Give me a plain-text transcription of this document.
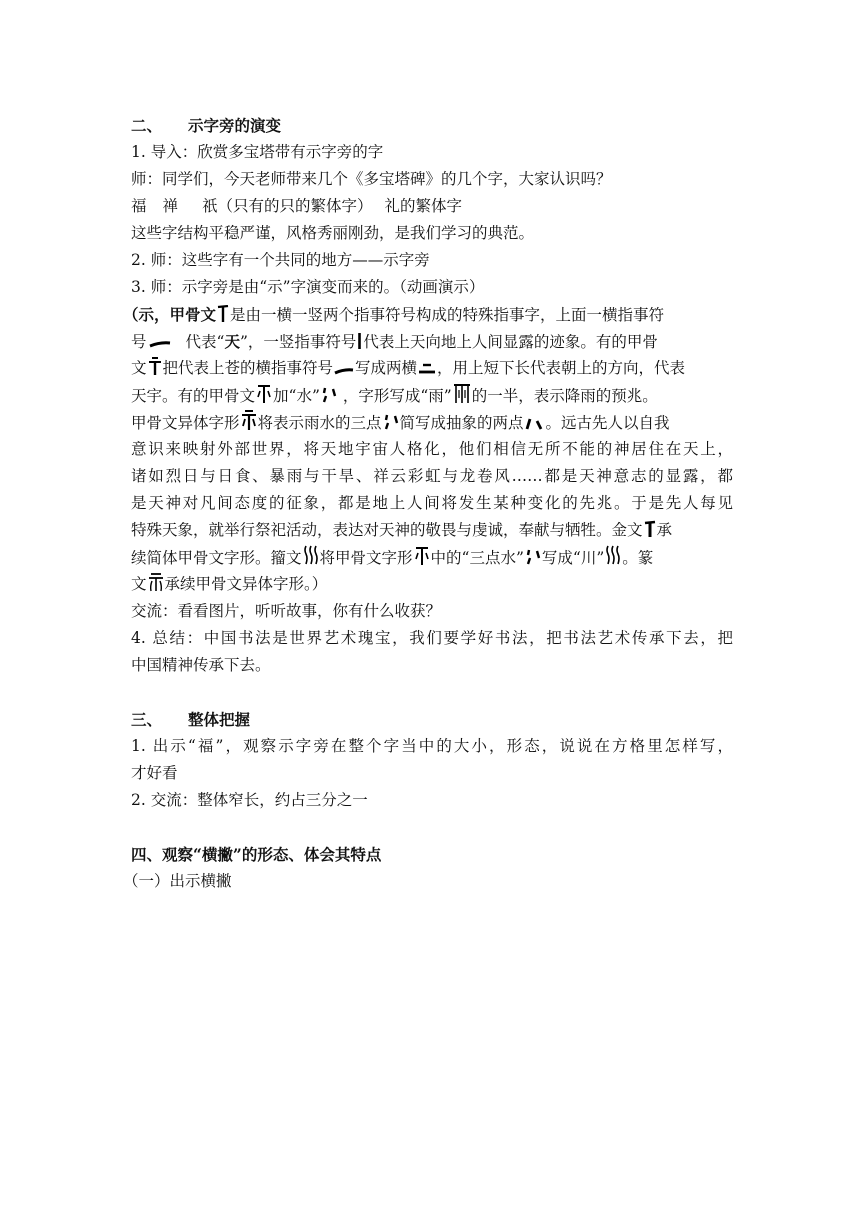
二、 示字旁的演变
1. 导入：欣赏多宝塔带有示字旁的字
师：同学们，今天老师带来几个《多宝塔碑》的几个字，大家认识吗？
福 禅 祇（只有的只的繁体字） 礼的繁体字
这些字结构平稳严谨，风格秀丽刚劲，是我们学习的典范。
2. 师：这些字有一个共同的地方——示字旁
3. 师：示字旁是由“示”字演变而来的。（动画演示）
（示，甲骨文 是由一横一竖两个指事符号构成的特殊指事字，上面一横指事符
号	代表“天”，一竖指事符号 代表上天向地上人间显露的迹象。有的甲骨
文 把代表上苍的横指事符号 写成两横 ，用上短下长代表朝上的方向，代表
天宇。有的甲骨文 加“水” ，字形写成“雨” 的一半，表示降雨的预兆。
甲骨文异体字形 将表示雨水的三点 简写成抽象的两点 。远古先人以自我
意识来映射外部世界，将天地宇宙人格化，他们相信无所不能的神居住在天上，
诸如烈日与日食、暴雨与干旱、祥云彩虹与龙卷风……都是天神意志的显露，都
是天神对凡间态度的征象，都是地上人间将发生某种变化的先兆。于是先人每见
特殊天象，就举行祭祀活动，表达对天神的敬畏与虔诚，奉献与牺牲。金文 承
续简体甲骨文字形。籀文 将甲骨文字形 中的“三点水” 写成“川” 。篆
文 承续甲骨文异体字形。）
交流：看看图片，听听故事，你有什么收获？
4. 总结：中国书法是世界艺术瑰宝，我们要学好书法，把书法艺术传承下去，把
中国精神传承下去。
三、 整体把握
1. 出示“福”，观察示字旁在整个字当中的大小，形态，说说在方格里怎样写，
才好看
2. 交流：整体窄长，约占三分之一
四、观察“横撇”的形态、体会其特点
（一）出示横撇
